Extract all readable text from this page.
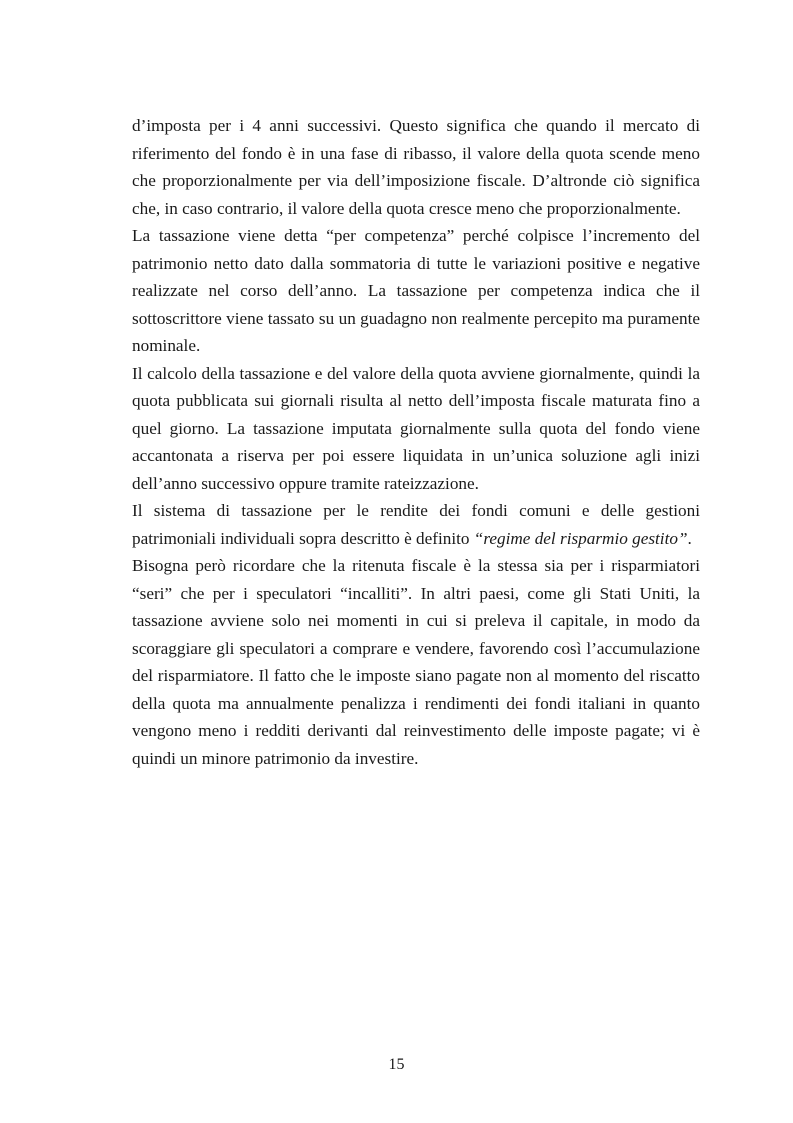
d’imposta per i 4 anni successivi. Questo significa che quando il mercato di riferimento del fondo è in una fase di ribasso, il valore della quota scende meno che proporzionalmente per via dell’imposizione fiscale. D’altronde ciò significa che, in caso contrario, il valore della quota cresce meno che proporzionalmente.

La tassazione viene detta “per competenza” perché colpisce l’incremento del patrimonio netto dato dalla sommatoria di tutte le variazioni positive e negative realizzate nel corso dell’anno. La tassazione per competenza indica che il sottoscrittore viene tassato su un guadagno non realmente percepito ma puramente nominale.

Il calcolo della tassazione e del valore della quota avviene giornalmente, quindi la quota pubblicata sui giornali risulta al netto dell’imposta fiscale maturata fino a quel giorno. La tassazione imputata giornalmente sulla quota del fondo viene accantonata a riserva per poi essere liquidata in un’unica soluzione agli inizi dell’anno successivo oppure tramite rateizzazione.

Il sistema di tassazione per le rendite dei fondi comuni e delle gestioni patrimoniali individuali sopra descritto è definito “regime del risparmio gestito”.

Bisogna però ricordare che la ritenuta fiscale è la stessa sia per i risparmiatori “seri” che per i speculatori “incalliti”. In altri paesi, come gli Stati Uniti, la tassazione avviene solo nei momenti in cui si preleva il capitale, in modo da scoraggiare gli speculatori a comprare e vendere, favorendo così l’accumulazione del risparmiatore. Il fatto che le imposte siano pagate non al momento del riscatto della quota ma annualmente penalizza i rendimenti dei fondi italiani in quanto vengono meno i redditi derivanti dal reinvestimento delle imposte pagate; vi è quindi un minore patrimonio da investire.

15
